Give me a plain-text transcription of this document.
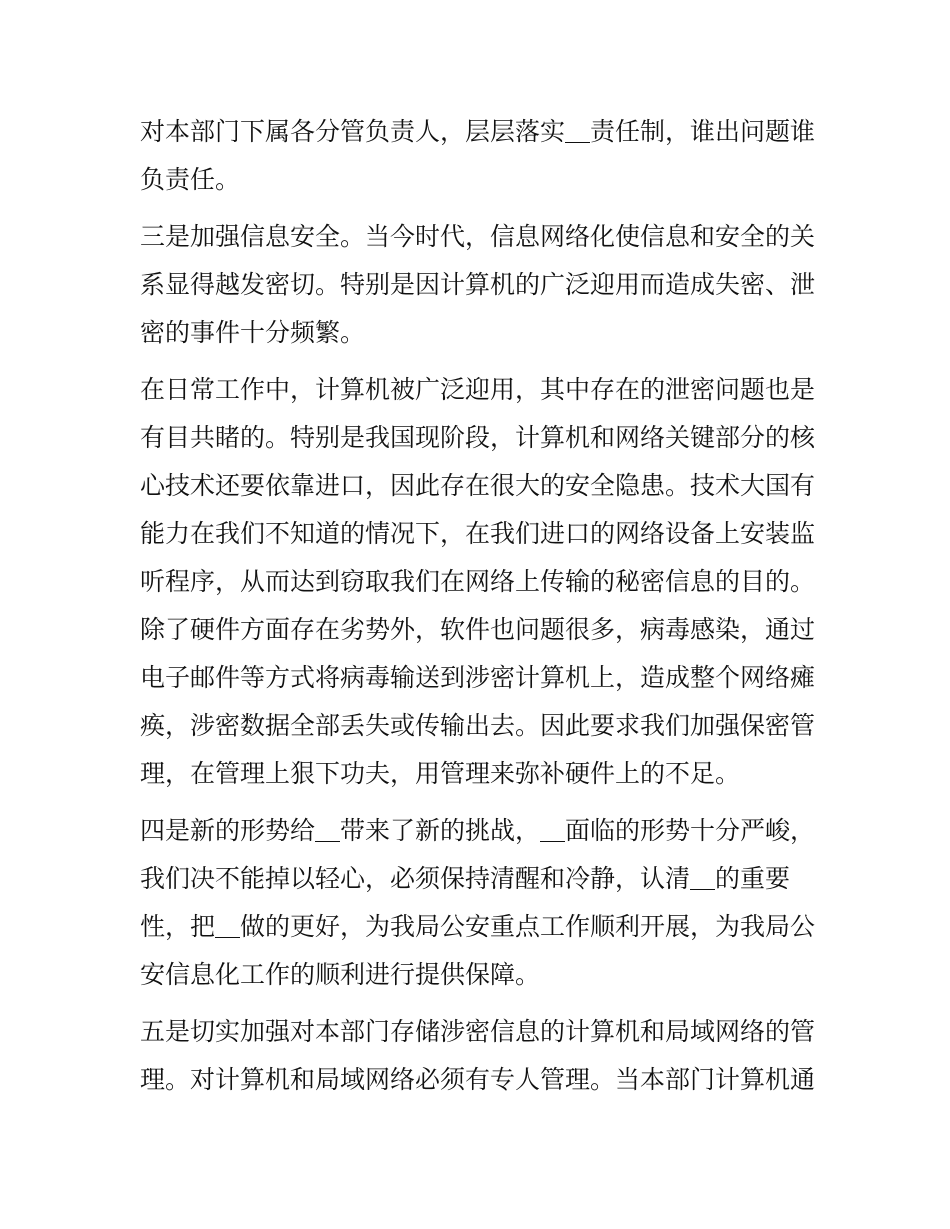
对本部门下属各分管负责人，层层落实＿责任制，谁出问题谁
负责任。
三是加强信息安全。当今时代，信息网络化使信息和安全的关
系显得越发密切。特别是因计算机的广泛迎用而造成失密、泄
密的事件十分频繁。
在日常工作中，计算机被广泛迎用，其中存在的泄密问题也是
有目共睹的。特别是我国现阶段，计算机和网络关键部分的核
心技术还要依靠进口，因此存在很大的安全隐患。技术大国有
能力在我们不知道的情况下，在我们进口的网络设备上安装监
听程序，从而达到窃取我们在网络上传输的秘密信息的目的。
除了硬件方面存在劣势外，软件也问题很多，病毒感染，通过
电子邮件等方式将病毒输送到涉密计算机上，造成整个网络瘫
痪，涉密数据全部丢失或传输出去。因此要求我们加强保密管
理，在管理上狠下功夫，用管理来弥补硬件上的不足。
四是新的形势给＿带来了新的挑战，＿面临的形势十分严峻，
我们决不能掉以轻心，必须保持清醒和冷静，认清＿的重要
性，把＿做的更好，为我局公安重点工作顺利开展，为我局公
安信息化工作的顺利进行提供保障。
五是切实加强对本部门存储涉密信息的计算机和局域网络的管
理。对计算机和局域网络必须有专人管理。当本部门计算机通
